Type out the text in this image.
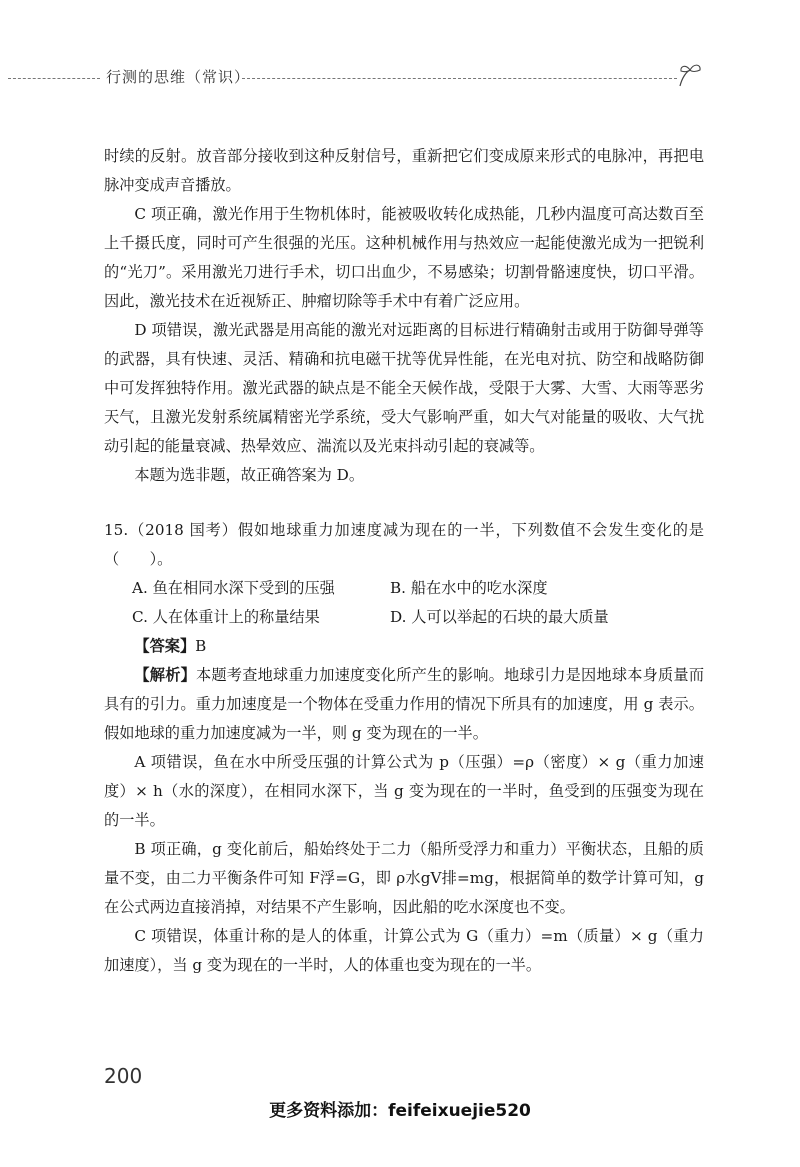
行测的思维（常识）

时续的反射。放音部分接收到这种反射信号，重新把它们变成原来形式的电脉冲，再把电脉冲变成声音播放。

C 项正确，激光作用于生物机体时，能被吸收转化成热能，几秒内温度可高达数百至上千摄氏度，同时可产生很强的光压。这种机械作用与热效应一起能使激光成为一把锐利的“光刀”。采用激光刀进行手术，切口出血少，不易感染；切割骨骼速度快，切口平滑。因此，激光技术在近视矫正、肿瘤切除等手术中有着广泛应用。

D 项错误，激光武器是用高能的激光对远距离的目标进行精确射击或用于防御导弹等的武器，具有快速、灵活、精确和抗电磁干扰等优异性能，在光电对抗、防空和战略防御中可发挥独特作用。激光武器的缺点是不能全天候作战，受限于大雾、大雪、大雨等恶劣天气，且激光发射系统属精密光学系统，受大气影响严重，如大气对能量的吸收、大气扰动引起的能量衰减、热晕效应、湍流以及光束抖动引起的衰减等。

本题为选非题，故正确答案为 D。

15.（2018 国考）假如地球重力加速度减为现在的一半，下列数值不会发生变化的是（　　）。

A. 鱼在相同水深下受到的压强	B. 船在水中的吃水深度
C. 人在体重计上的称量结果	D. 人可以举起的石块的最大质量

【答案】B

【解析】本题考查地球重力加速度变化所产生的影响。地球引力是因地球本身质量而具有的引力。重力加速度是一个物体在受重力作用的情况下所具有的加速度，用 g 表示。假如地球的重力加速度减为一半，则 g 变为现在的一半。

A 项错误，鱼在水中所受压强的计算公式为 p（压强）=ρ（密度）× g（重力加速度）× h（水的深度），在相同水深下，当 g 变为现在的一半时，鱼受到的压强变为现在的一半。

B 项正确，g 变化前后，船始终处于二力（船所受浮力和重力）平衡状态，且船的质量不变，由二力平衡条件可知 F浮=G，即 ρ水gV排=mg，根据简单的数学计算可知，g 在公式两边直接消掉，对结果不产生影响，因此船的吃水深度也不变。

C 项错误，体重计称的是人的体重，计算公式为 G（重力）=m（质量）× g（重力加速度），当 g 变为现在的一半时，人的体重也变为现在的一半。

200
更多资料添加：feifeixuejie520
